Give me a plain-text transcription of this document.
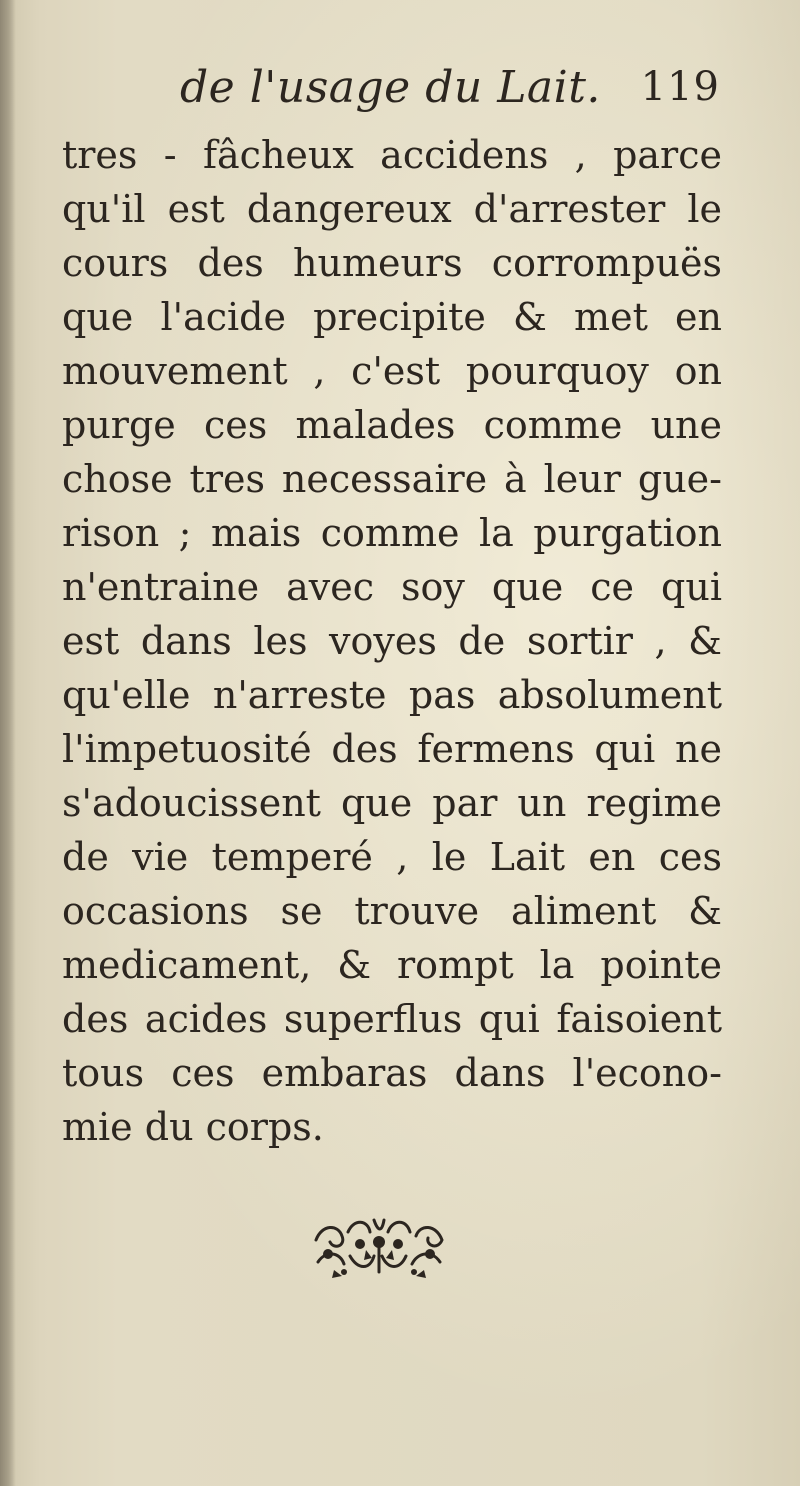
de l'usage du Lait. 119
tres - fâcheux accidens , parce
qu'il est dangereux d'arrester le
cours des humeurs corrompuës
que l'acide precipite & met en
mouvement , c'est pourquoy on
purge ces malades comme une
chose tres necessaire à leur gue-
rison ; mais comme la purgation
n'entraine avec soy que ce qui
est dans les voyes de sortir , &
qu'elle n'arreste pas absolument
l'impetuosité des fermens qui ne
s'adoucissent que par un regime
de vie temperé , le Lait en ces
occasions se trouve aliment &
medicament, & rompt la pointe
des acides superflus qui faisoient
tous ces embaras dans l'econo-
mie du corps.
